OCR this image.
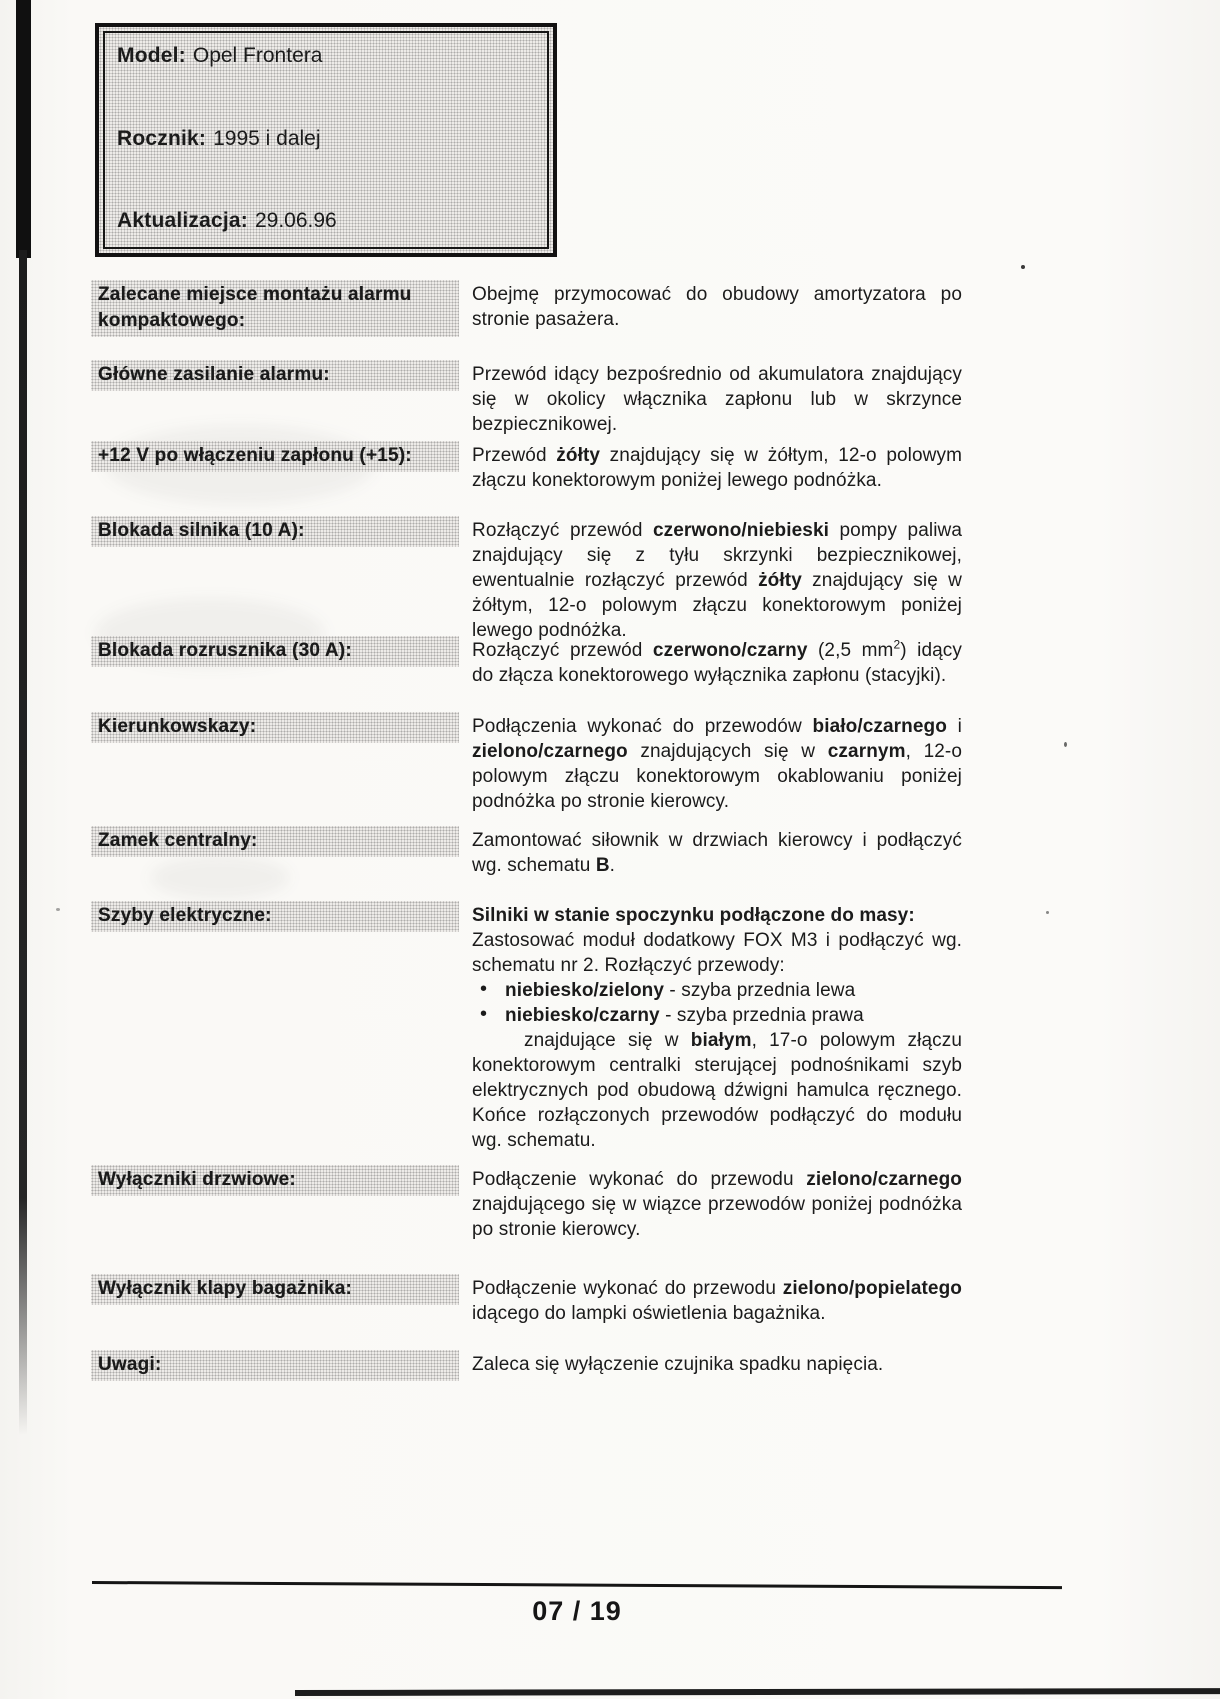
Model: Opel Frontera
Rocznik: 1995 i dalej
Aktualizacja: 29.06.96
Zalecane miejsce montażu alarmu kompaktowego:
Obejmę przymocować do obudowy amortyzatora po stronie pasażera.
Główne zasilanie alarmu:	Przewód idący bezpośrednio od akumulatora znajdujący się w okolicy włącznika zapłonu lub w skrzynce bezpiecznikowej.
+12 V po włączeniu zapłonu (+15):	Przewód żółty znajdujący się w żółtym, 12-o polowym złączu konektorowym poniżej lewego podnóżka.
Blokada silnika (10 A):	Rozłączyć przewód czerwono/niebieski pompy paliwa znajdujący się z tyłu skrzynki bezpiecznikowej, ewentualnie rozłączyć przewód żółty znajdujący się w żółtym, 12-o polowym złączu konektorowym poniżej lewego podnóżka.
Blokada rozrusznika (30 A):	Rozłączyć przewód czerwono/czarny (2,5 $mm^2$) idący do złącza konektorowego wyłącznika zapłonu (stacyjki).
Kierunkowskazy:	Podłączenia wykonać do przewodów biało/czarnego i zielono/czarnego znajdujących się w czarnym, 12-o polowym złączu konektorowym okablowaniu poniżej podnóżka po stronie kierowcy.
Zamek centralny:	Zamontować siłownik w drzwiach kierowcy i podłączyć wg. schematu B.
Szyby elektryczne:	Silniki w stanie spoczynku podłączone do masy:
Zastosować moduł dodatkowy FOX M3 i podłączyć wg. schematu nr 2. Rozłączyć przewody:
• niebiesko/zielony - szyba przednia lewa
• niebiesko/czarny - szyba przednia prawa
znajdujące się w białym, 17-o polowym złączu konektorowym centralki sterującej podnośnikami szyb elektrycznych pod obudową dźwigni hamulca ręcznego. Końce rozłączonych przewodów podłączyć do modułu wg. schematu.
Wyłączniki drzwiowe:	Podłączenie wykonać do przewodu zielono/czarnego znajdującego się w wiązce przewodów poniżej podnóżka po stronie kierowcy.
Wyłącznik klapy bagażnika:	Podłączenie wykonać do przewodu zielono/popielatego idącego do lampki oświetlenia bagażnika.
Uwagi:	Zaleca się wyłączenie czujnika spadku napięcia.
07 / 19
